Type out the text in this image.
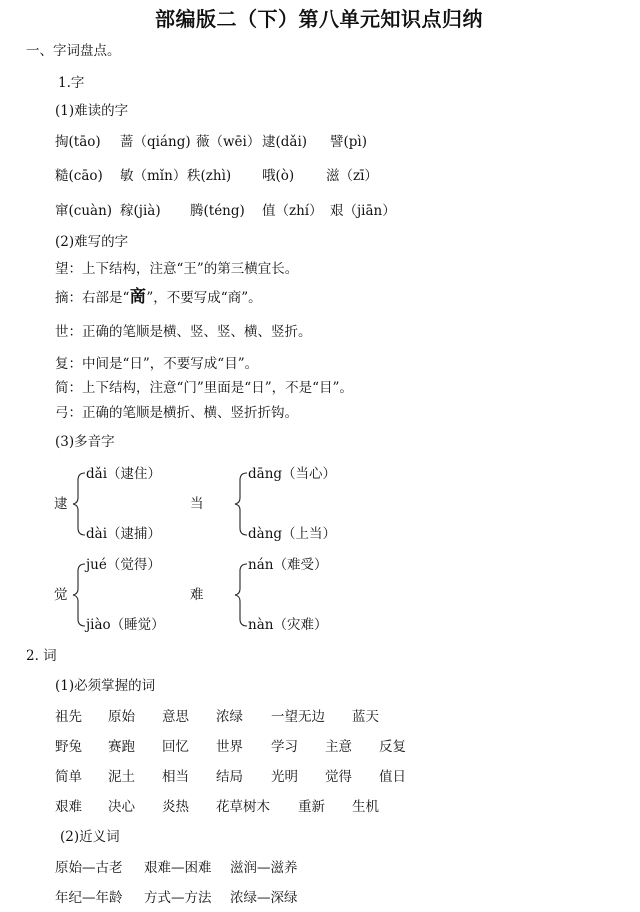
部编版二（下）第八单元知识点归纳
一、字词盘点。
1.字
(1)难读的字
掏(tāo) 蔷（qiáng) 薇（wēi） 逮(dǎi) 譬(pì)
糙(cāo) 敏（mǐn） 秩(zhì) 哦(ò) 滋（zī）
窜(cuàn) 稼(jià) 腾(téng) 值（zhí） 艰（jiān）
(2)难写的字
望：上下结构，注意“王”的第三横宜长。
摘：右部是“啇”，不要写成“商”。
世：正确的笔顺是横、竖、竖、横、竖折。
复：中间是“日”，不要写成“目”。
简：上下结构，注意“门”里面是“日”，不是“目”。
弓：正确的笔顺是横折、横、竖折折钩。
(3)多音字
逮
dǎi（逮住）
dài（逮捕）
当
dāng（当心）
dàng（上当）
觉
jué（觉得）
jiào（睡觉）
难
nán（难受）
nàn（灾难）
2. 词
(1)必须掌握的词
祖先 原始 意思 浓绿 一望无边 蓝天
野兔 赛跑 回忆 世界 学习 主意 反复
简单 泥土 相当 结局 光明 觉得 值日
艰难 决心 炎热 花草树木 重新 生机
(2)近义词
原始—古老 艰难—困难 滋润—滋养
年纪—年龄 方式—方法 浓绿—深绿
